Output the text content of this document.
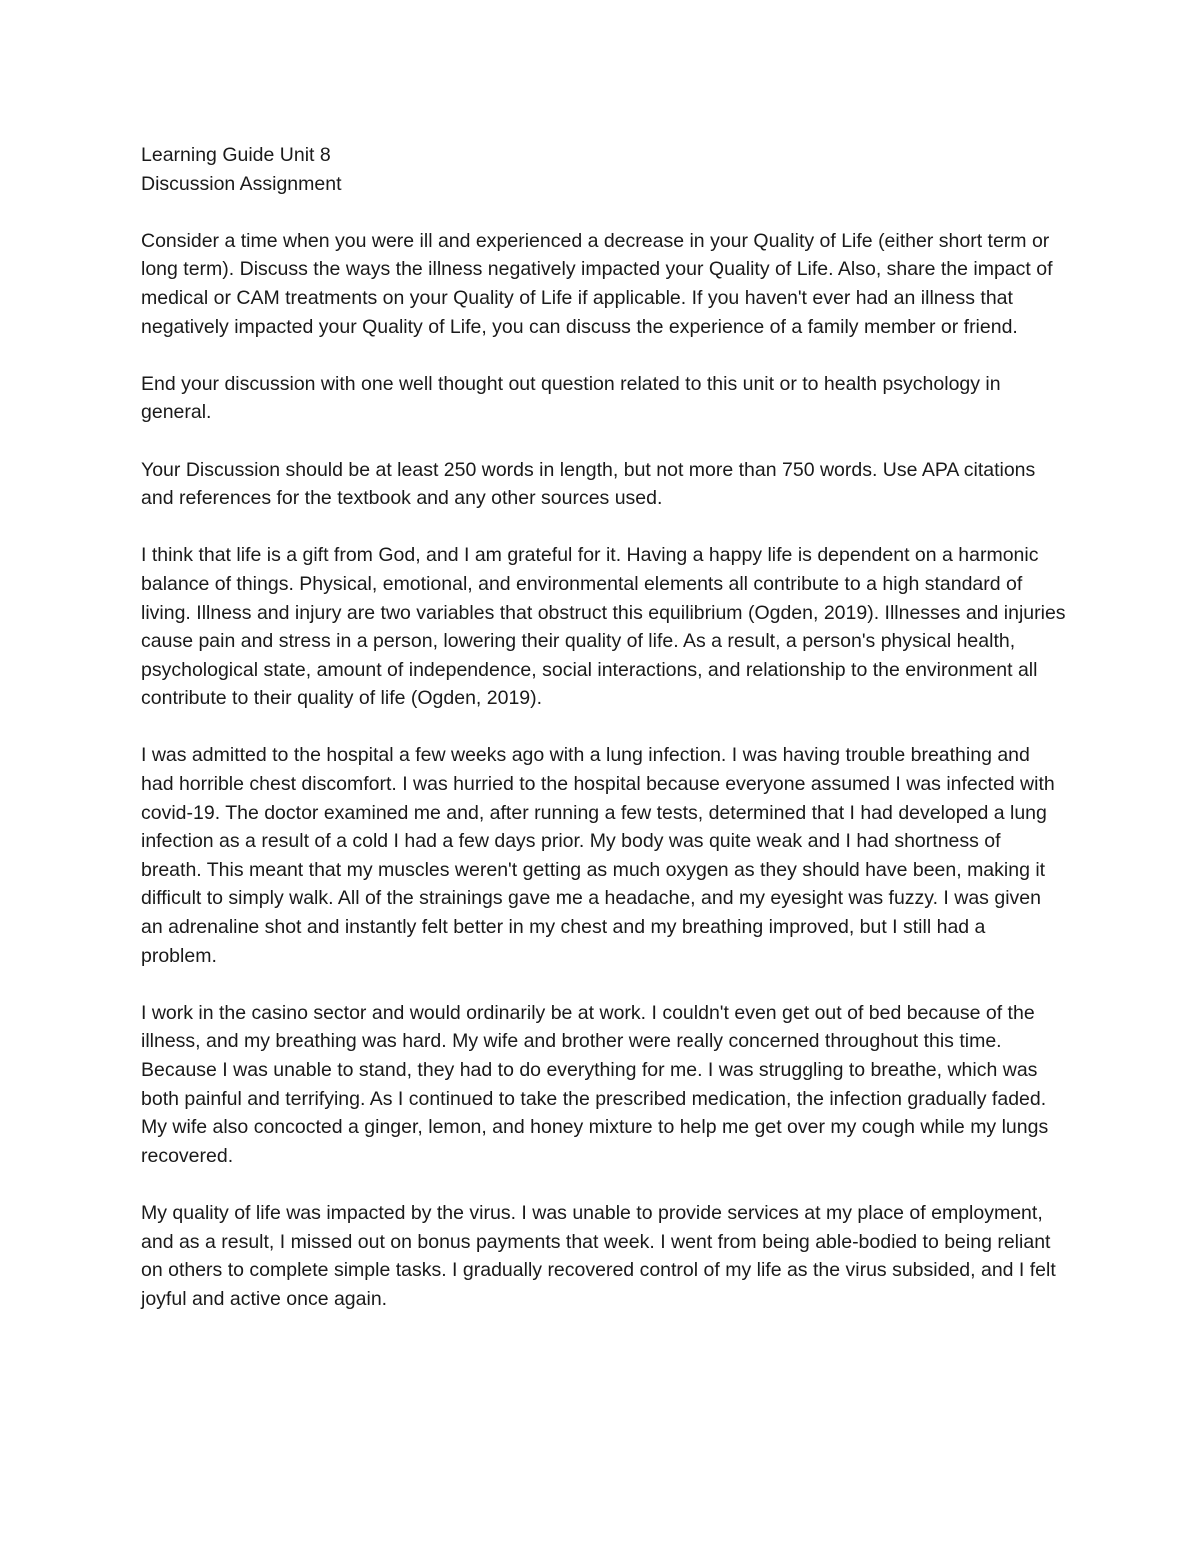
Learning Guide Unit 8
Discussion Assignment

Consider a time when you were ill and experienced a decrease in your Quality of Life (either short term or long term). Discuss the ways the illness negatively impacted your Quality of Life. Also, share the impact of medical or CAM treatments on your Quality of Life if applicable. If you haven't ever had an illness that negatively impacted your Quality of Life, you can discuss the experience of a family member or friend.

End your discussion with one well thought out question related to this unit or to health psychology in general.

Your Discussion should be at least 250 words in length, but not more than 750 words. Use APA citations and references for the textbook and any other sources used.

I think that life is a gift from God, and I am grateful for it. Having a happy life is dependent on a harmonic balance of things. Physical, emotional, and environmental elements all contribute to a high standard of living. Illness and injury are two variables that obstruct this equilibrium (Ogden, 2019). Illnesses and injuries cause pain and stress in a person, lowering their quality of life. As a result, a person's physical health, psychological state, amount of independence, social interactions, and relationship to the environment all contribute to their quality of life (Ogden, 2019).

I was admitted to the hospital a few weeks ago with a lung infection. I was having trouble breathing and had horrible chest discomfort. I was hurried to the hospital because everyone assumed I was infected with covid-19. The doctor examined me and, after running a few tests, determined that I had developed a lung infection as a result of a cold I had a few days prior. My body was quite weak and I had shortness of breath. This meant that my muscles weren't getting as much oxygen as they should have been, making it difficult to simply walk. All of the strainings gave me a headache, and my eyesight was fuzzy. I was given an adrenaline shot and instantly felt better in my chest and my breathing improved, but I still had a problem.

I work in the casino sector and would ordinarily be at work. I couldn't even get out of bed because of the illness, and my breathing was hard. My wife and brother were really concerned throughout this time. Because I was unable to stand, they had to do everything for me. I was struggling to breathe, which was both painful and terrifying. As I continued to take the prescribed medication, the infection gradually faded. My wife also concocted a ginger, lemon, and honey mixture to help me get over my cough while my lungs recovered.

My quality of life was impacted by the virus. I was unable to provide services at my place of employment, and as a result, I missed out on bonus payments that week. I went from being able-bodied to being reliant on others to complete simple tasks. I gradually recovered control of my life as the virus subsided, and I felt joyful and active once again.
